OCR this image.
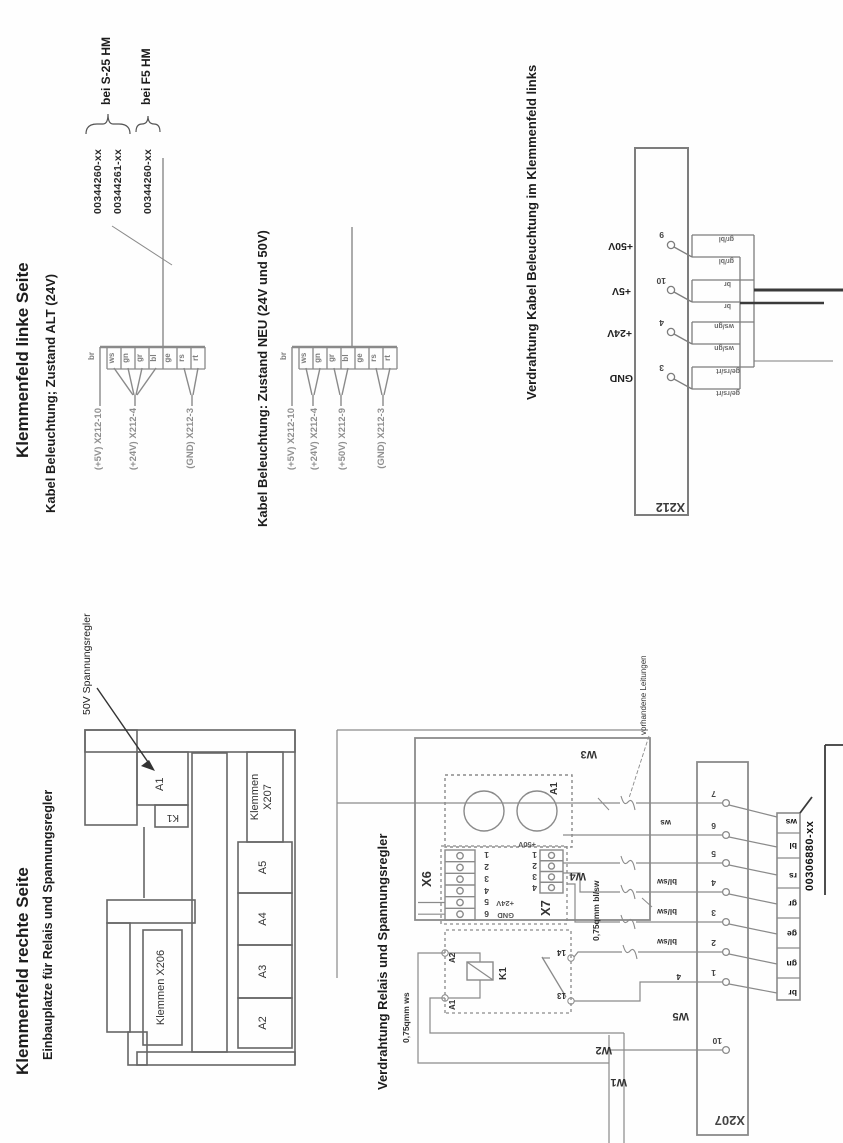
Klemmenfeld rechte Seite Einbauplatze für Relais und Spannungsregler
50V Spannungsregler
A1
K1	Klemmen X207
A5
A4
A3
A2
Klemmen X206	Verdrahtung Relais und Spannungsregler
W3
X6
X7
W4
W2
W1
W5
1
2
3
4
5
6
+24V
GND
1
2
3
4
+50V
K1
A1
A2
A1
14
13
0,75qmm ws
0,75qmm bl/sw
vorhandene Leitungen
ws
bl/sw
bl/sw
bl/sw
4
X207
7
6
5
4
3
2
1
10
br
gn
ge
gr
rs
bl
ws 00306880-xx
Klemmenfeld linke Seite Kabel Beleuchtung; Zustand ALT (24V)	br ws gn gr bl ge rs rt
(+5V) X212-10	(+24V) X212-4	(GND) X212-3
00344260-xx 00344261-xx 00344260-xx
bei S-25 HM bei F5 HM
Kabel Beleuchtung: Zustand NEU (24V und 50V) br ws gn gr bl ge rs rt
(+5V) X212-10 (+24V) X212-4 (+50V) X212-9	(GND) X212-3
Verdrahtung Kabel Beleuchtung im Klemmenfeld links
X212
+50V
+5V
+24V
GND
9
10
4
3
gr/bl
gr/bl
br
br
ws/gn
ws/gn
ge/rs/rt
ge/rs/rt
